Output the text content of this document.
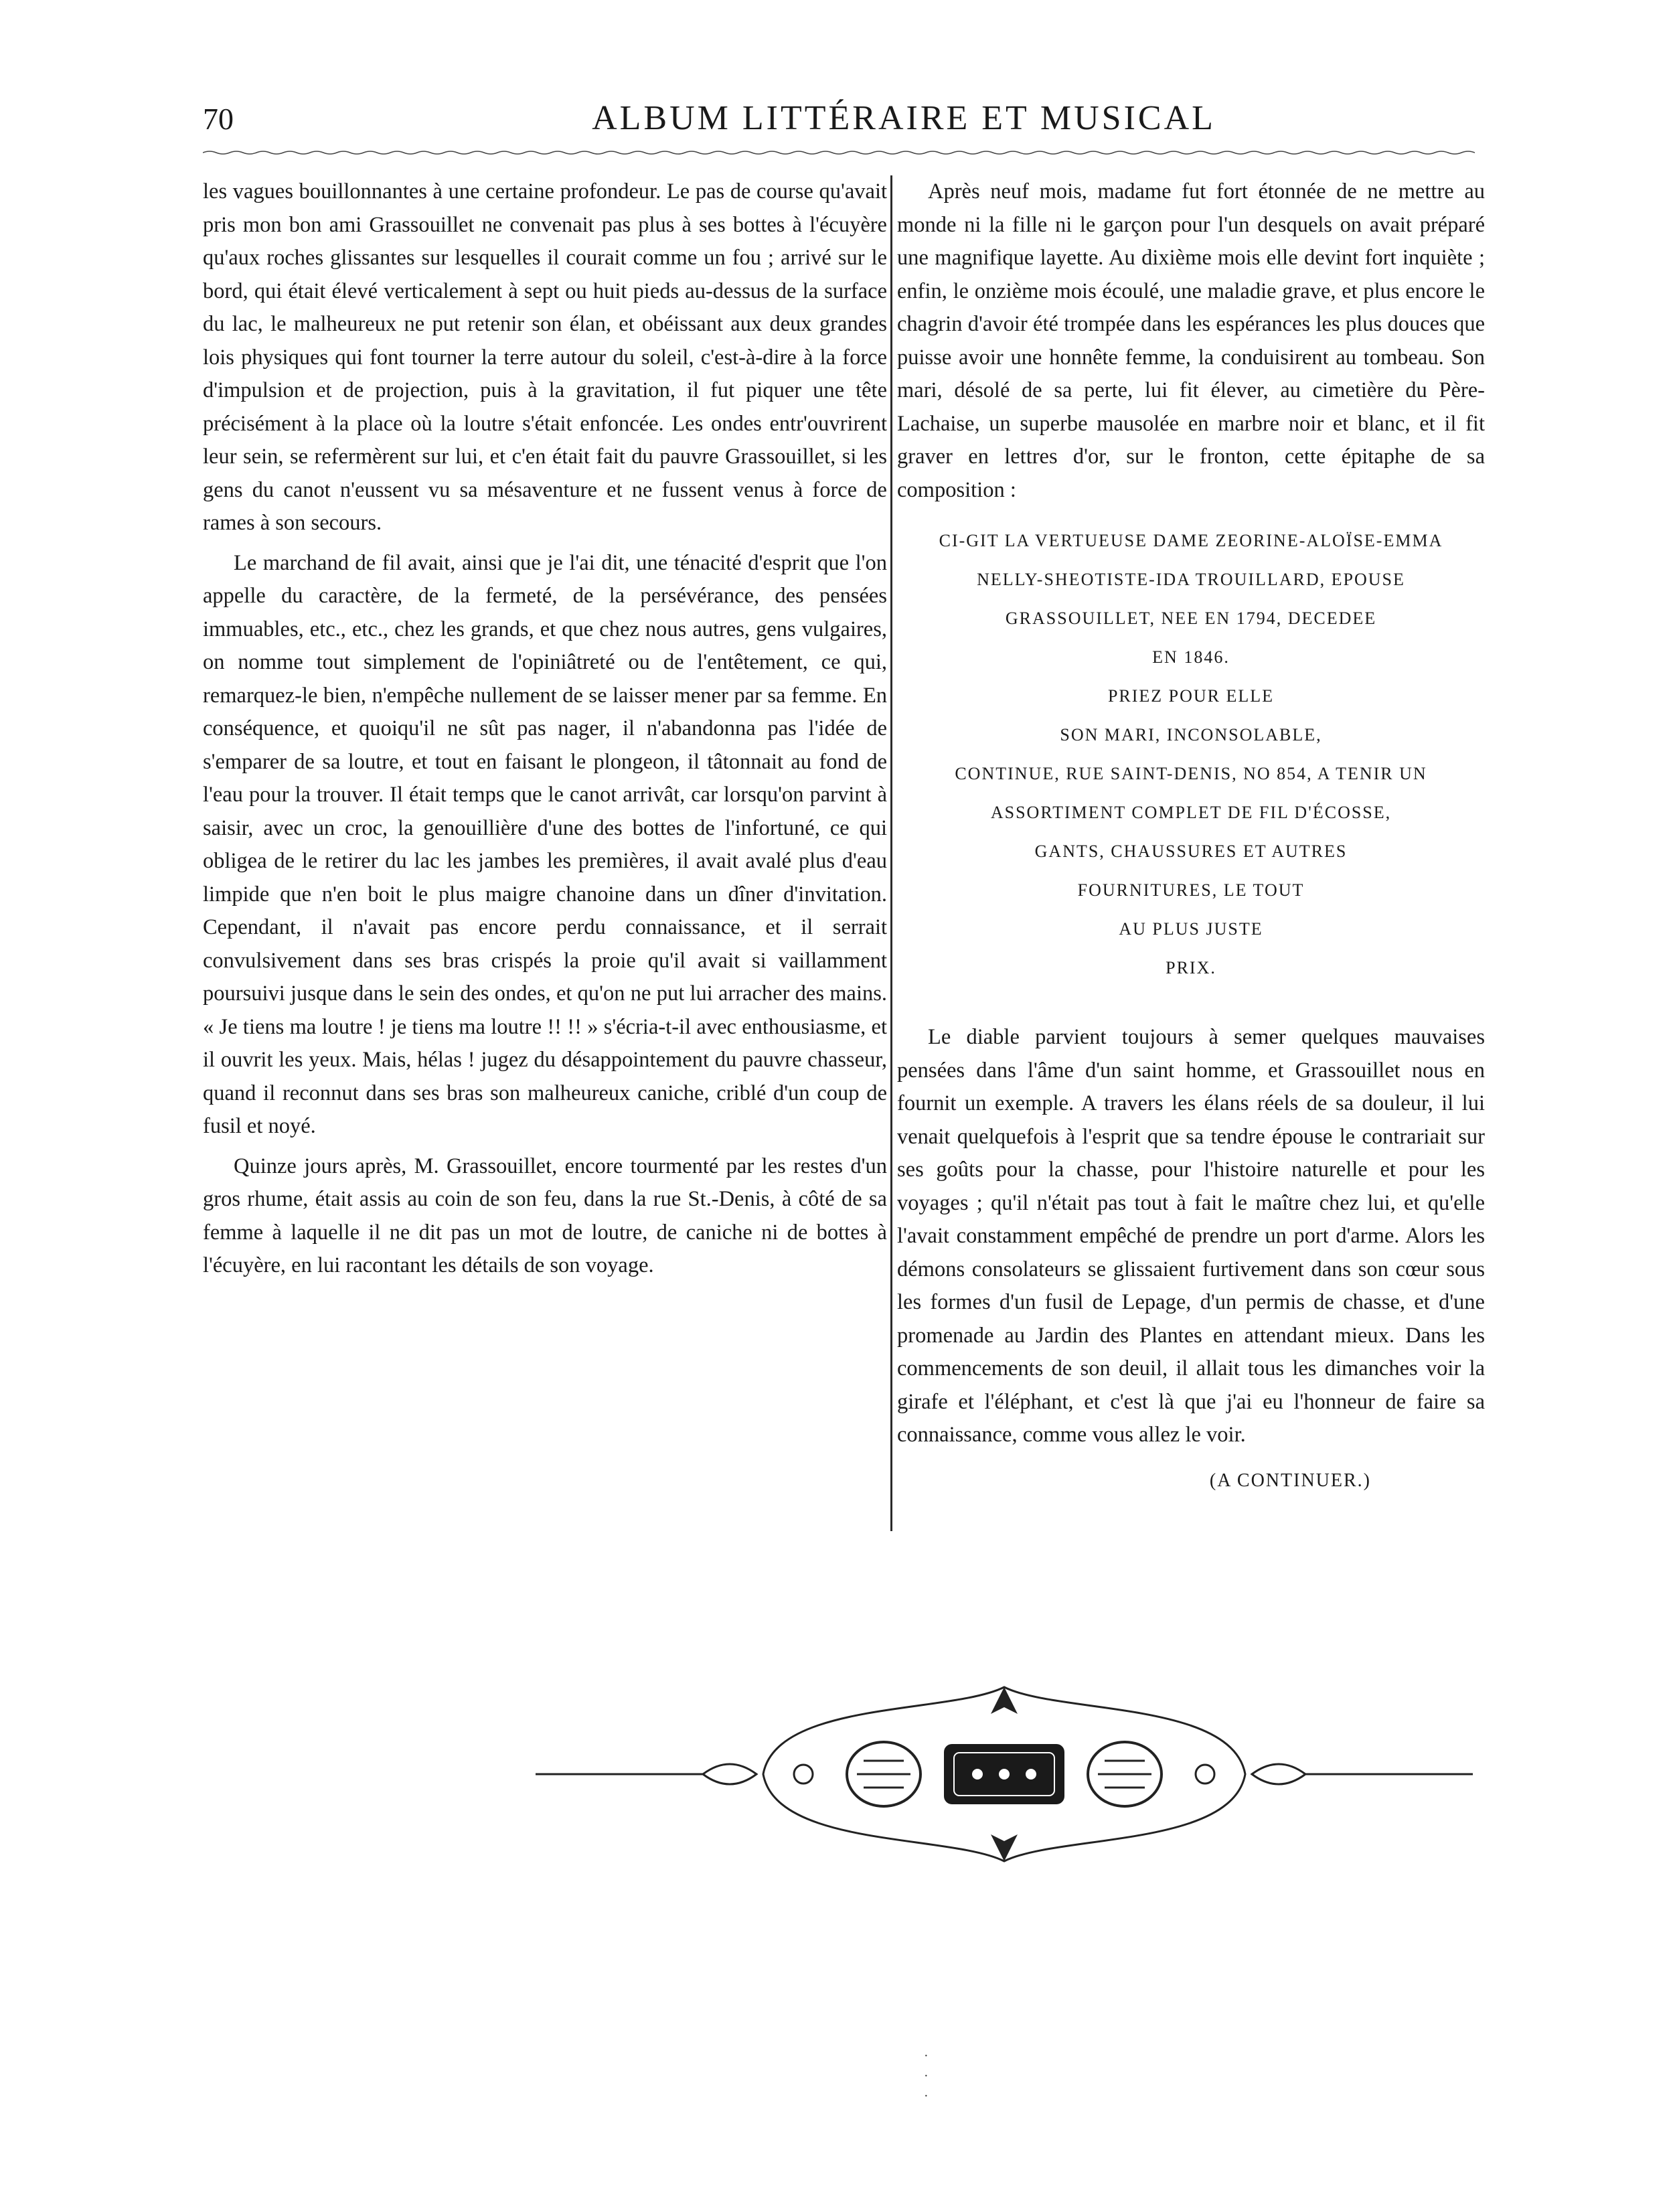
70	ALBUM LITTÉRAIRE ET MUSICAL

les vagues bouillonnantes à une certaine profondeur. Le pas de course qu'avait pris mon bon ami Grassouillet ne convenait pas plus à ses bottes à l'écuyère qu'aux roches glissantes sur lesquelles il courait comme un fou ; arrivé sur le bord, qui était élevé verticalement à sept ou huit pieds au-dessus de la surface du lac, le malheureux ne put retenir son élan, et obéissant aux deux grandes lois physiques qui font tourner la terre autour du soleil, c'est-à-dire à la force d'impulsion et de projection, puis à la gravitation, il fut piquer une tête précisément à la place où la loutre s'était enfoncée. Les ondes entr'ouvrirent leur sein, se refermèrent sur lui, et c'en était fait du pauvre Grassouillet, si les gens du canot n'eussent vu sa mésaventure et ne fussent venus à force de rames à son secours.

Le marchand de fil avait, ainsi que je l'ai dit, une ténacité d'esprit que l'on appelle du caractère, de la fermeté, de la persévérance, des pensées immuables, etc., etc., chez les grands, et que chez nous autres, gens vulgaires, on nomme tout simplement de l'opiniâtreté ou de l'entêtement, ce qui, remarquez-le bien, n'empêche nullement de se laisser mener par sa femme. En conséquence, et quoiqu'il ne sût pas nager, il n'abandonna pas l'idée de s'emparer de sa loutre, et tout en faisant le plongeon, il tâtonnait au fond de l'eau pour la trouver. Il était temps que le canot arrivât, car lorsqu'on parvint à saisir, avec un croc, la genouillière d'une des bottes de l'infortuné, ce qui obligea de le retirer du lac les jambes les premières, il avait avalé plus d'eau limpide que n'en boit le plus maigre chanoine dans un dîner d'invitation. Cependant, il n'avait pas encore perdu connaissance, et il serrait convulsivement dans ses bras crispés la proie qu'il avait si vaillamment poursuivi jusque dans le sein des ondes, et qu'on ne put lui arracher des mains. « Je tiens ma loutre ! je tiens ma loutre !! !! » s'écria-t-il avec enthousiasme, et il ouvrit les yeux. Mais, hélas ! jugez du désappointement du pauvre chasseur, quand il reconnut dans ses bras son malheureux caniche, criblé d'un coup de fusil et noyé.

Quinze jours après, M. Grassouillet, encore tourmenté par les restes d'un gros rhume, était assis au coin de son feu, dans la rue St.-Denis, à côté de sa femme à laquelle il ne dit pas un mot de loutre, de caniche ni de bottes à l'écuyère, en lui racontant les détails de son voyage.

Après neuf mois, madame fut fort étonnée de ne mettre au monde ni la fille ni le garçon pour l'un desquels on avait préparé une magnifique layette. Au dixième mois elle devint fort inquiète ; enfin, le onzième mois écoulé, une maladie grave, et plus encore le chagrin d'avoir été trompée dans les espérances les plus douces que puisse avoir une honnête femme, la conduisirent au tombeau. Son mari, désolé de sa perte, lui fit élever, au cimetière du Père-Lachaise, un superbe mausolée en marbre noir et blanc, et il fit graver en lettres d'or, sur le fronton, cette épitaphe de sa composition :

CI-GIT LA VERTUEUSE DAME ZEORINE-ALOÏSE-EMMA
NELLY-SHEOTISTE-IDA TROUILLARD, EPOUSE
GRASSOUILLET, NEE EN 1794, DECEDEE
EN 1846.
PRIEZ POUR ELLE
SON MARI, INCONSOLABLE,
CONTINUE, RUE SAINT-DENIS, NO 854, A TENIR UN
ASSORTIMENT COMPLET DE FIL D'ÉCOSSE,
GANTS, CHAUSSURES ET AUTRES
FOURNITURES, LE TOUT
AU PLUS JUSTE
PRIX.

Le diable parvient toujours à semer quelques mauvaises pensées dans l'âme d'un saint homme, et Grassouillet nous en fournit un exemple. A travers les élans réels de sa douleur, il lui venait quelquefois à l'esprit que sa tendre épouse le contrariait sur ses goûts pour la chasse, pour l'histoire naturelle et pour les voyages ; qu'il n'était pas tout à fait le maître chez lui, et qu'elle l'avait constamment empêché de prendre un port d'arme. Alors les démons consolateurs se glissaient furtivement dans son cœur sous les formes d'un fusil de Lepage, d'un permis de chasse, et d'une promenade au Jardin des Plantes en attendant mieux. Dans les commencements de son deuil, il allait tous les dimanches voir la girafe et l'éléphant, et c'est là que j'ai eu l'honneur de faire sa connaissance, comme vous allez le voir.

(A CONTINUER.)
·
·
·
